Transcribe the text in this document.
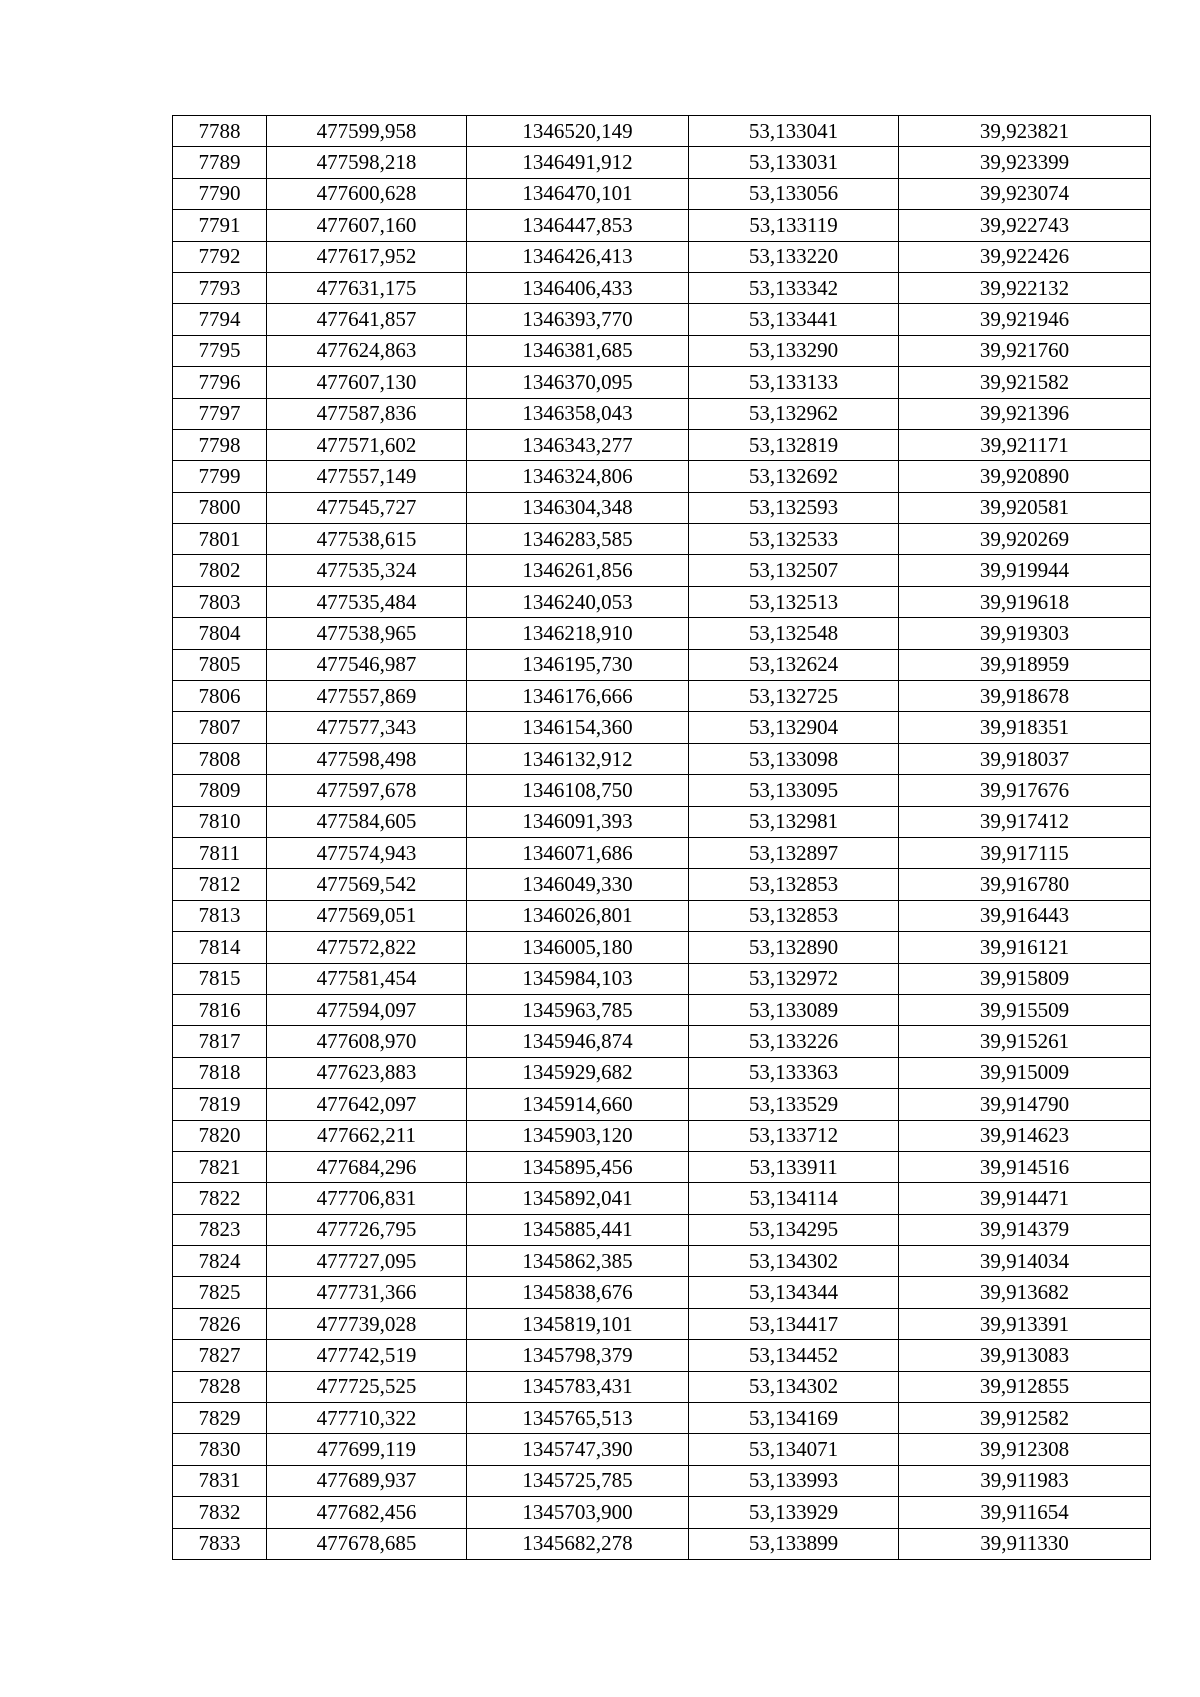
7788	477599,958	1346520,149	53,133041	39,923821
7789	477598,218	1346491,912	53,133031	39,923399
7790	477600,628	1346470,101	53,133056	39,923074
7791	477607,160	1346447,853	53,133119	39,922743
7792	477617,952	1346426,413	53,133220	39,922426
7793	477631,175	1346406,433	53,133342	39,922132
7794	477641,857	1346393,770	53,133441	39,921946
7795	477624,863	1346381,685	53,133290	39,921760
7796	477607,130	1346370,095	53,133133	39,921582
7797	477587,836	1346358,043	53,132962	39,921396
7798	477571,602	1346343,277	53,132819	39,921171
7799	477557,149	1346324,806	53,132692	39,920890
7800	477545,727	1346304,348	53,132593	39,920581
7801	477538,615	1346283,585	53,132533	39,920269
7802	477535,324	1346261,856	53,132507	39,919944
7803	477535,484	1346240,053	53,132513	39,919618
7804	477538,965	1346218,910	53,132548	39,919303
7805	477546,987	1346195,730	53,132624	39,918959
7806	477557,869	1346176,666	53,132725	39,918678
7807	477577,343	1346154,360	53,132904	39,918351
7808	477598,498	1346132,912	53,133098	39,918037
7809	477597,678	1346108,750	53,133095	39,917676
7810	477584,605	1346091,393	53,132981	39,917412
7811	477574,943	1346071,686	53,132897	39,917115
7812	477569,542	1346049,330	53,132853	39,916780
7813	477569,051	1346026,801	53,132853	39,916443
7814	477572,822	1346005,180	53,132890	39,916121
7815	477581,454	1345984,103	53,132972	39,915809
7816	477594,097	1345963,785	53,133089	39,915509
7817	477608,970	1345946,874	53,133226	39,915261
7818	477623,883	1345929,682	53,133363	39,915009
7819	477642,097	1345914,660	53,133529	39,914790
7820	477662,211	1345903,120	53,133712	39,914623
7821	477684,296	1345895,456	53,133911	39,914516
7822	477706,831	1345892,041	53,134114	39,914471
7823	477726,795	1345885,441	53,134295	39,914379
7824	477727,095	1345862,385	53,134302	39,914034
7825	477731,366	1345838,676	53,134344	39,913682
7826	477739,028	1345819,101	53,134417	39,913391
7827	477742,519	1345798,379	53,134452	39,913083
7828	477725,525	1345783,431	53,134302	39,912855
7829	477710,322	1345765,513	53,134169	39,912582
7830	477699,119	1345747,390	53,134071	39,912308
7831	477689,937	1345725,785	53,133993	39,911983
7832	477682,456	1345703,900	53,133929	39,911654
7833	477678,685	1345682,278	53,133899	39,911330
